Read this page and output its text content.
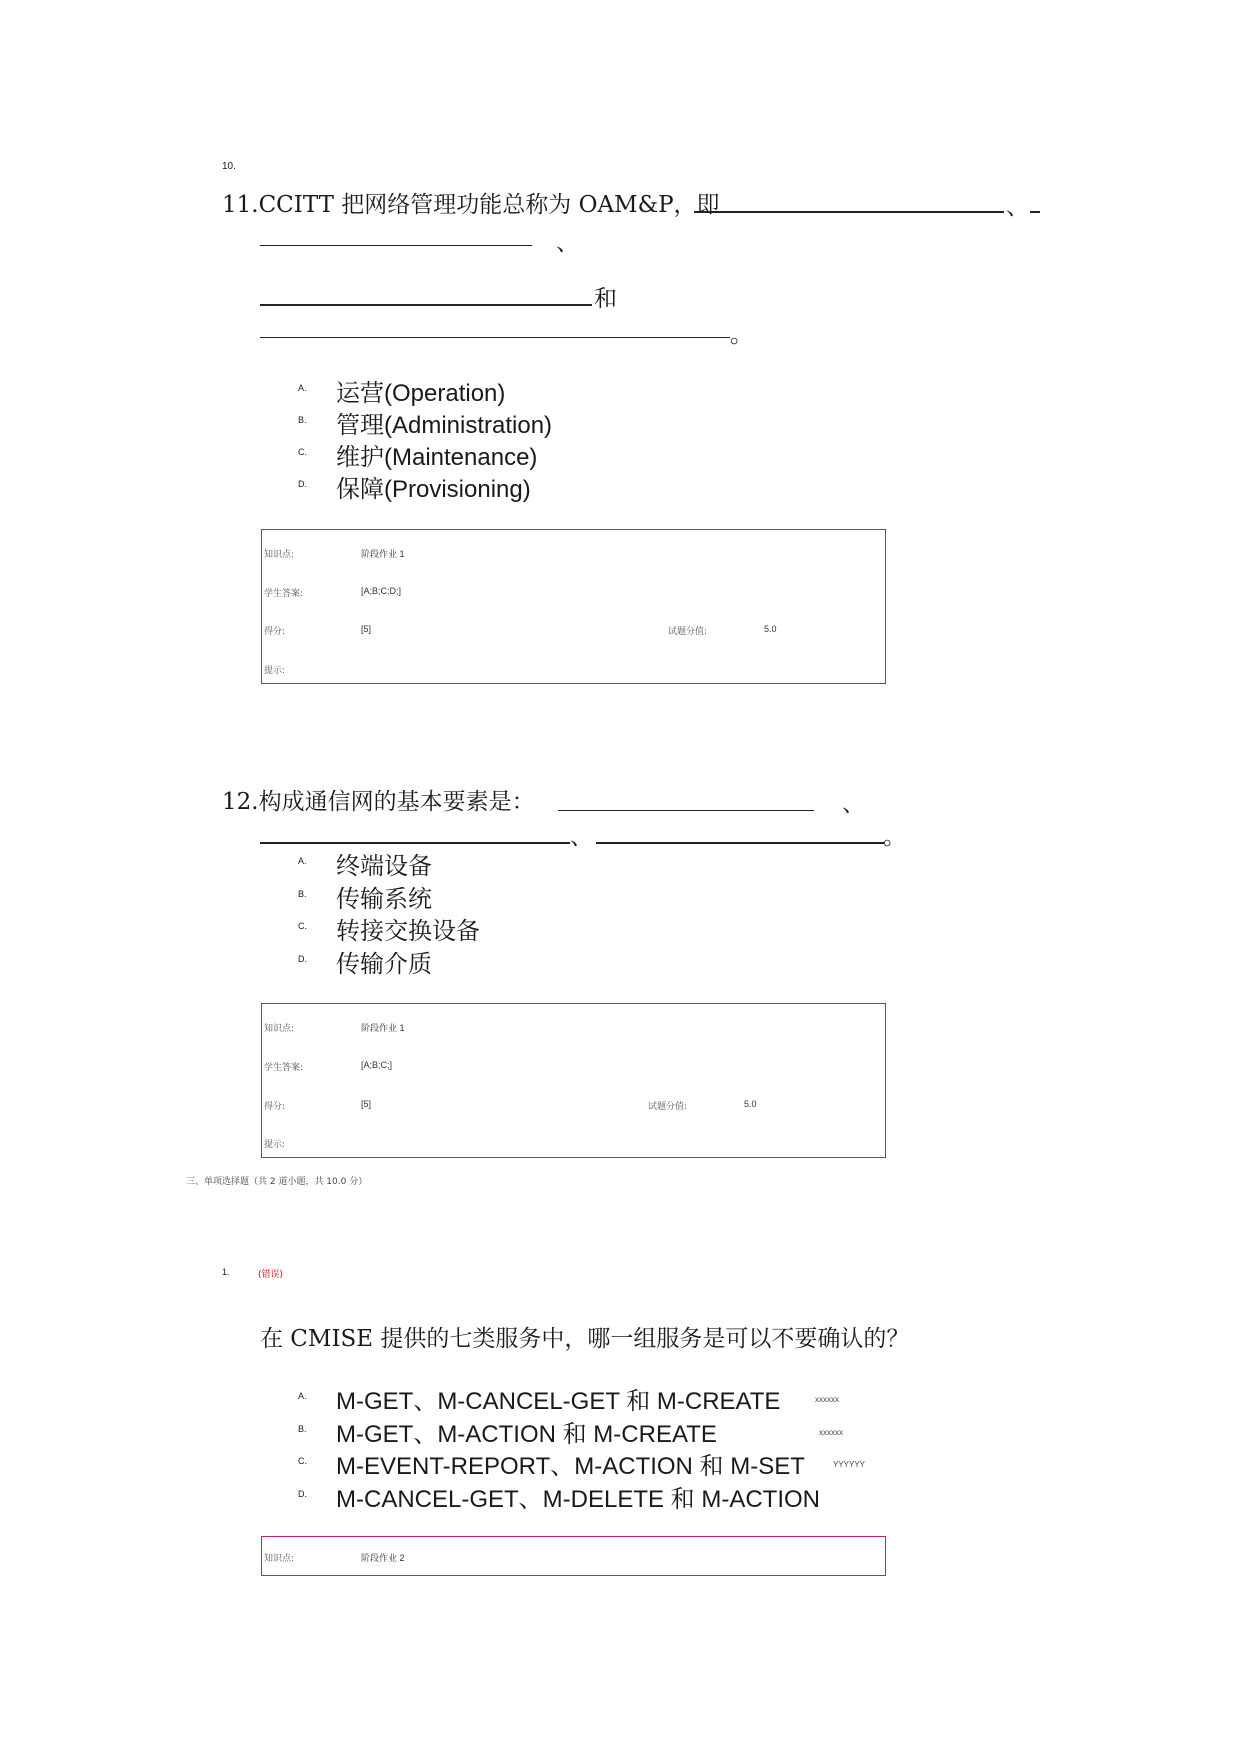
10.
11.CCITT 把网络管理功能总称为 OAM&P，即	、
、
和
。
A. 运营(Operation)
B. 管理(Administration)
C. 维护(Maintenance)
D. 保障(Provisioning)
知识点:	阶段作业 1
学生答案:	[A;B;C;D;]
得分:	[5]	试题分值:	5.0
提示:
12.构成通信网的基本要素是：	、
、	。
A. 终端设备
B. 传输系统
C. 转接交换设备
D. 传输介质
知识点:	阶段作业 1
学生答案:	[A;B;C;]
得分:	[5]	试题分值:	5.0
提示:
三、单项选择题（共 2 道小题，共 10.0 分）
1.	(错误)
在 CMISE 提供的七类服务中，哪一组服务是可以不要确认的？
A. M-GET、M-CANCEL-GET 和 M-CREATE	xxxxxx
B. M-GET、M-ACTION 和 M-CREATE	xxxxxx
C. M-EVENT-REPORT、M-ACTION 和 M-SET	YYYYYY
D. M-CANCEL-GET、M-DELETE 和 M-ACTION
知识点:	阶段作业 2
